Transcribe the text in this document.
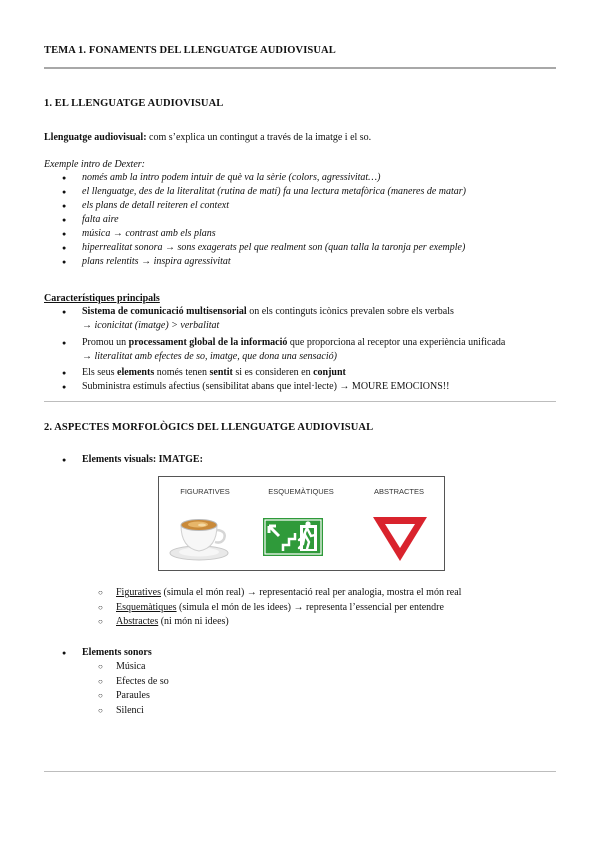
TEMA 1. FONAMENTS DEL LLENGUATGE AUDIOVISUAL
1. EL LLENGUATGE AUDIOVISUAL
Llenguatge audiovisual: com s’explica un contingut a través de la imatge i el so.
Exemple intro de Dexter:
● només amb la intro podem intuir de què va la sèrie (colors, agressivitat…)
● el llenguatge, des de la literalitat (rutina de matí) fa una lectura metafòrica (maneres de matar)
● els plans de detall reiteren el context
● falta aire
● música → contrast amb els plans
● hiperrealitat sonora → sons exagerats pel que realment son (quan talla la taronja per exemple)
● plans relentits → inspira agressivitat
Característiques principals
● Sistema de comunicació multisensorial on els continguts icònics prevalen sobre els verbals
→ iconicitat (imatge) > verbalitat
● Promou un processament global de la informació que proporciona al receptor una experiència unificada
→ literalitat amb efectes de so, imatge, que dona una sensació)
● Els seus elements només tenen sentit si es consideren en conjunt
● Subministra estímuls afectius (sensibilitat abans que intel·lecte) → MOURE EMOCIONS!!
2. ASPECTES MORFOLÒGICS DEL LLENGUATGE AUDIOVISUAL
● Elements visuals: IMATGE:
FIGURATIVES	ESQUEMÀTIQUES	ABSTRACTES
○ Figuratives (simula el món real) → representació real per analogia, mostra el món real
○ Esquemàtiques (simula el món de les idees) → representa l’essencial per entendre
○ Abstractes (ni món ni idees)
● Elements sonors
○ Música
○ Efectes de so
○ Paraules
○ Silenci
